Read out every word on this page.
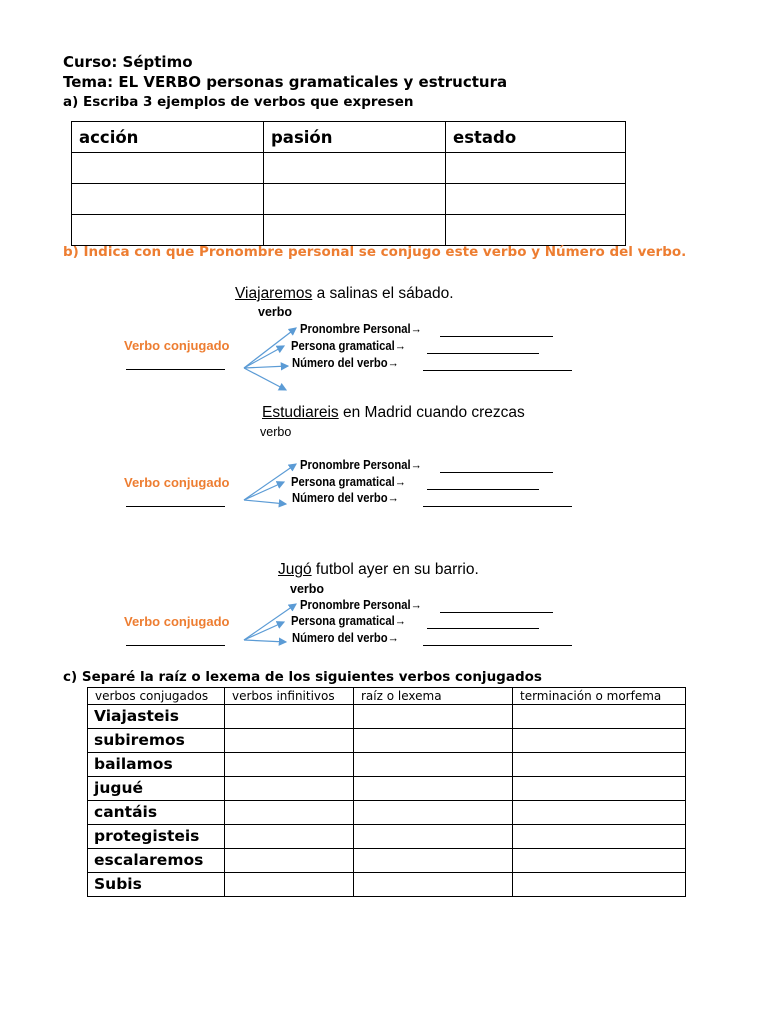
Curso: Séptimo
Tema: EL VERBO personas gramaticales y estructura
a) Escriba 3 ejemplos de verbos que expresen
acción	pasión	estado

b) Indica con que Pronombre personal se conjugo este verbo y Número del verbo.
Viajaremos a salinas el sábado.
verbo
Verbo conjugado
Pronombre Personal→
Persona gramatical→
Número del verbo→
Estudiareis en Madrid cuando crezcas
verbo
Verbo conjugado
Pronombre Personal→
Persona gramatical→
Número del verbo→
Jugó futbol ayer en su barrio.
verbo
Verbo conjugado
Pronombre Personal→
Persona gramatical→
Número del verbo→
c) Separé la raíz o lexema de los siguientes verbos conjugados
verbos conjugados	verbos infinitivos	raíz o lexema	terminación o morfema
Viajasteis			
subiremos			
bailamos			
jugué			
cantáis			
protegisteis			
escalaremos			
Subis			
